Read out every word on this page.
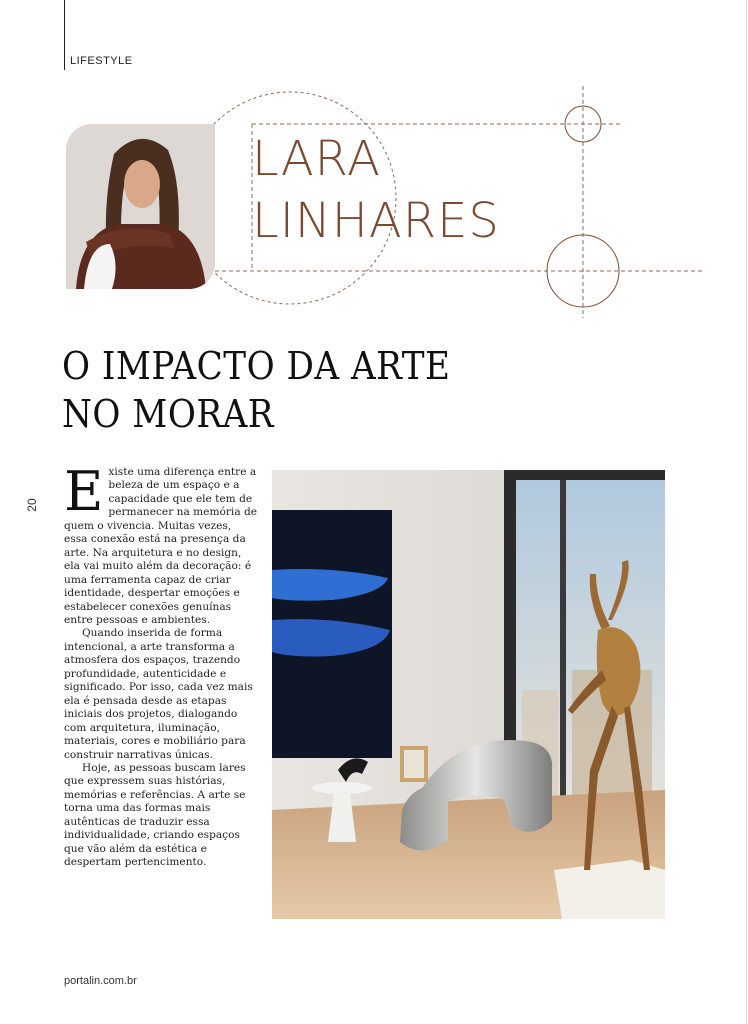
LIFESTYLE
20
LARA
LINHARES
O IMPACTO DA ARTE
NO MORAR

Existe uma diferença entre a beleza de um espaço e a capacidade que ele tem de permanecer na memória de quem o vivencia. Muitas vezes, essa conexão está na presença da arte. Na arquitetura e no design, ela vai muito além da decoração: é uma ferramenta capaz de criar identidade, despertar emoções e estabelecer conexões genuínas entre pessoas e ambientes.

Quando inserida de forma intencional, a arte transforma a atmosfera dos espaços, trazendo profundidade, autenticidade e significado. Por isso, cada vez mais ela é pensada desde as etapas iniciais dos projetos, dialogando com arquitetura, iluminação, materiais, cores e mobiliário para construir narrativas únicas.

Hoje, as pessoas buscam lares que expressem suas histórias, memórias e referências. A arte se torna uma das formas mais autênticas de traduzir essa individualidade, criando espaços que vão além da estética e despertam pertencimento.

portalin.com.br
